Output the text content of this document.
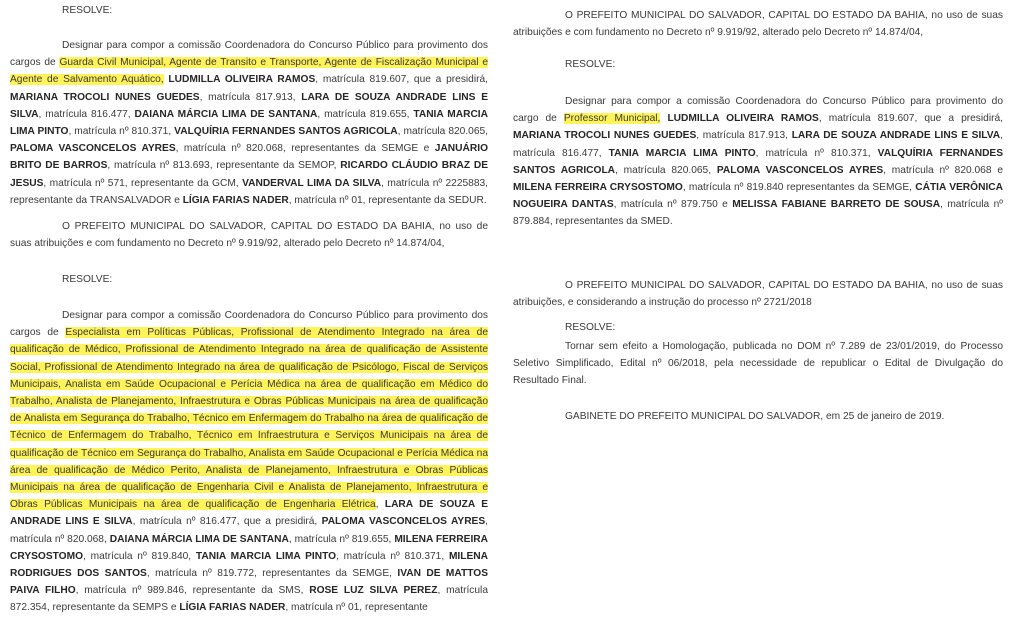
RESOLVE:

Designar para compor a comissão Coordenadora do Concurso Público para provimento dos cargos de Guarda Civil Municipal, Agente de Transito e Transporte, Agente de Fiscalização Municipal e Agente de Salvamento Aquático, LUDMILLA OLIVEIRA RAMOS, matrícula 819.607, que a presidirá, MARIANA TROCOLI NUNES GUEDES, matrícula 817.913, LARA DE SOUZA ANDRADE LINS E SILVA, matrícula 816.477, DAIANA MÁRCIA LIMA DE SANTANA, matrícula 819.655, TANIA MARCIA LIMA PINTO, matrícula nº 810.371, VALQUÍRIA FERNANDES SANTOS AGRICOLA, matrícula 820.065, PALOMA VASCONCELOS AYRES, matrícula nº 820.068, representantes da SEMGE e JANUÁRIO BRITO DE BARROS, matrícula nº 813.693, representante da SEMOP, RICARDO CLÁUDIO BRAZ DE JESUS, matrícula nº 571, representante da GCM, VANDERVAL LIMA DA SILVA, matrícula nº 2225883, representante da TRANSALVADOR e LÍGIA FARIAS NADER, matrícula nº 01, representante da SEDUR.

O PREFEITO MUNICIPAL DO SALVADOR, CAPITAL DO ESTADO DA BAHIA, no uso de suas atribuições e com fundamento no Decreto nº 9.919/92, alterado pelo Decreto nº 14.874/04,

RESOLVE:

Designar para compor a comissão Coordenadora do Concurso Público para provimento dos cargos de Especialista em Políticas Públicas, Profissional de Atendimento Integrado na área de qualificação de Médico, Profissional de Atendimento Integrado na área de qualificação de Assistente Social, Profissional de Atendimento Integrado na área de qualificação de Psicólogo, Fiscal de Serviços Municipais, Analista em Saúde Ocupacional e Perícia Médica na área de qualificação em Médico do Trabalho, Analista de Planejamento, Infraestrutura e Obras Públicas Municipais na área de qualificação de Analista em Segurança do Trabalho, Técnico em Enfermagem do Trabalho na área de qualificação de Técnico de Enfermagem do Trabalho, Técnico em Infraestrutura e Serviços Municipais na área de qualificação de Técnico em Segurança do Trabalho, Analista em Saúde Ocupacional e Perícia Médica na área de qualificação de Médico Perito, Analista de Planejamento, Infraestrutura e Obras Públicas Municipais na área de qualificação de Engenharia Civil e Analista de Planejamento, Infraestrutura e Obras Públicas Municipais na área de qualificação de Engenharia Elétrica, LARA DE SOUZA E ANDRADE LINS E SILVA, matrícula nº 816.477, que a presidirá, PALOMA VASCONCELOS AYRES, matrícula nº 820.068, DAIANA MÁRCIA LIMA DE SANTANA, matrícula nº 819.655, MILENA FERREIRA CRYSOSTOMO, matrícula nº 819.840, TANIA MARCIA LIMA PINTO, matrícula nº 810.371, MILENA RODRIGUES DOS SANTOS, matrícula nº 819.772, representantes da SEMGE, IVAN DE MATTOS PAIVA FILHO, matrícula nº 989.846, representante da SMS, ROSE LUZ SILVA PEREZ, matrícula 872.354, representante da SEMPS e LÍGIA FARIAS NADER, matrícula nº 01, representante

O PREFEITO MUNICIPAL DO SALVADOR, CAPITAL DO ESTADO DA BAHIA, no uso de suas atribuições e com fundamento no Decreto nº 9.919/92, alterado pelo Decreto nº 14.874/04,

RESOLVE:

Designar para compor a comissão Coordenadora do Concurso Público para provimento do cargo de Professor Municipal, LUDMILLA OLIVEIRA RAMOS, matrícula 819.607, que a presidirá, MARIANA TROCOLI NUNES GUEDES, matrícula 817.913, LARA DE SOUZA ANDRADE LINS E SILVA, matrícula 816.477, TANIA MARCIA LIMA PINTO, matrícula nº 810.371, VALQUÍRIA FERNANDES SANTOS AGRICOLA, matrícula 820.065, PALOMA VASCONCELOS AYRES, matrícula nº 820.068 e MILENA FERREIRA CRYSOSTOMO, matrícula nº 819.840 representantes da SEMGE, CÁTIA VERÔNICA NOGUEIRA DANTAS, matrícula nº 879.750 e MELISSA FABIANE BARRETO DE SOUSA, matrícula nº 879.884, representantes da SMED.

O PREFEITO MUNICIPAL DO SALVADOR, CAPITAL DO ESTADO DA BAHIA, no uso de suas atribuições, e considerando a instrução do processo nº 2721/2018

RESOLVE:

Tornar sem efeito a Homologação, publicada no DOM nº 7.289 de 23/01/2019, do Processo Seletivo Simplificado, Edital nº 06/2018, pela necessidade de republicar o Edital de Divulgação do Resultado Final.

GABINETE DO PREFEITO MUNICIPAL DO SALVADOR, em 25 de janeiro de 2019.
